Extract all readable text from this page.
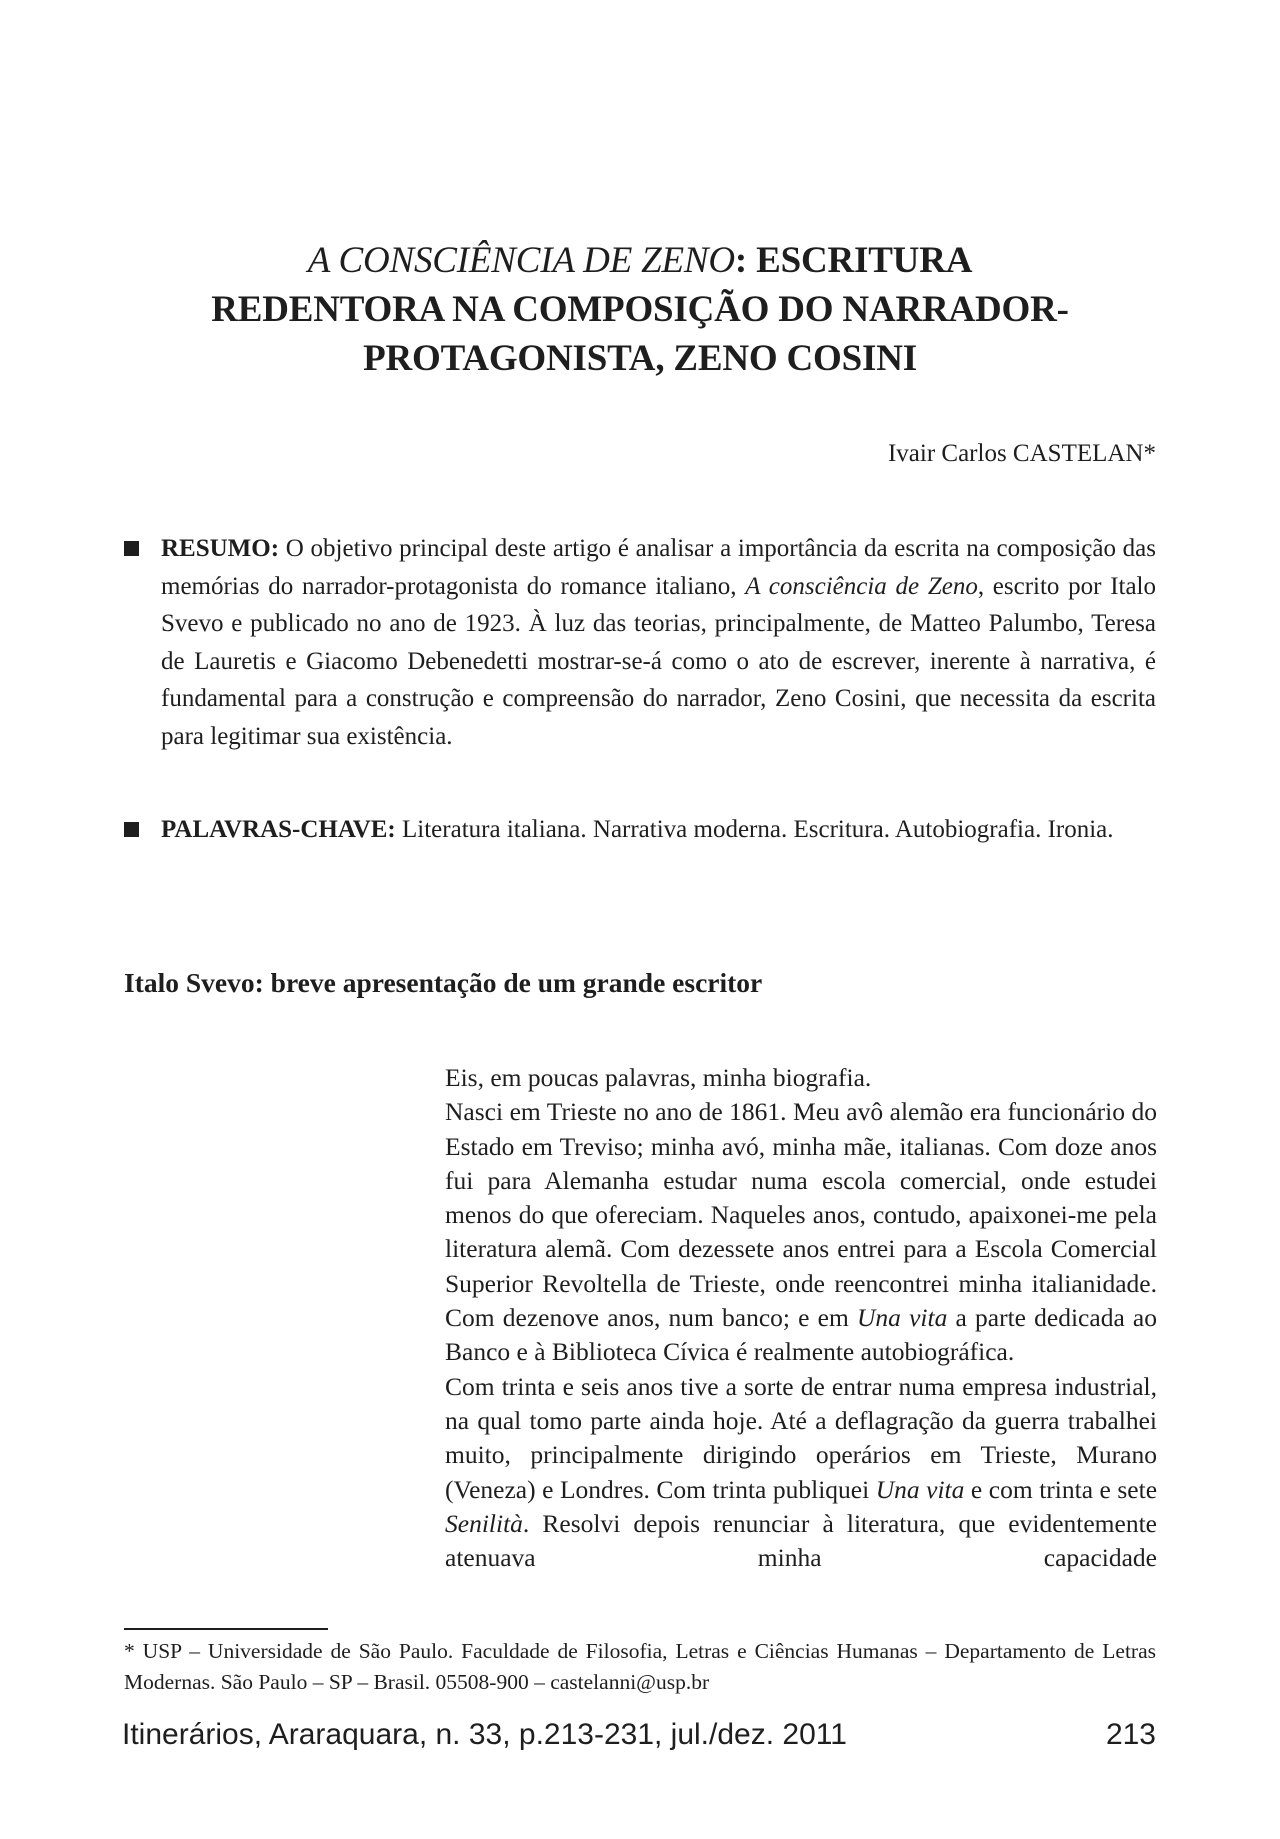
A CONSCIÊNCIA DE ZENO: ESCRITURA
REDENTORA NA COMPOSIÇÃO DO NARRADOR-
PROTAGONISTA, ZENO COSINI
Ivair Carlos CASTELAN*
RESUMO: O objetivo principal deste artigo é analisar a importância da escrita na composição das memórias do narrador-protagonista do romance italiano, A consciência de Zeno, escrito por Italo Svevo e publicado no ano de 1923. À luz das teorias, principalmente, de Matteo Palumbo, Teresa de Lauretis e Giacomo Debenedetti mostrar-se-á como o ato de escrever, inerente à narrativa, é fundamental para a construção e compreensão do narrador, Zeno Cosini, que necessita da escrita para legitimar sua existência.
PALAVRAS-CHAVE: Literatura italiana. Narrativa moderna. Escritura. Autobiografia. Ironia.
Italo Svevo: breve apresentação de um grande escritor

Eis, em poucas palavras, minha biografia.

Nasci em Trieste no ano de 1861. Meu avô alemão era funcionário do Estado em Treviso; minha avó, minha mãe, italianas. Com doze anos fui para Alemanha estudar numa escola comercial, onde estudei menos do que ofereciam. Naqueles anos, contudo, apaixonei-me pela literatura alemã. Com dezessete anos entrei para a Escola Comercial Superior Revoltella de Trieste, onde reencontrei minha italianidade. Com dezenove anos, num banco; e em Una vita a parte dedicada ao Banco e à Biblioteca Cívica é realmente autobiográfica.

Com trinta e seis anos tive a sorte de entrar numa empresa industrial, na qual tomo parte ainda hoje. Até a deflagração da guerra trabalhei muito, principalmente dirigindo operários em Trieste, Murano (Veneza) e Londres. Com trinta publiquei Una vita e com trinta e sete Senilità. Resolvi depois renunciar à literatura, que evidentemente atenuava minha capacidade

* USP – Universidade de São Paulo. Faculdade de Filosofia, Letras e Ciências Humanas – Departamento de Letras Modernas. São Paulo – SP – Brasil. 05508-900 – castelanni@usp.br
Itinerários, Araraquara, n. 33, p.213-231, jul./dez. 2011	213
